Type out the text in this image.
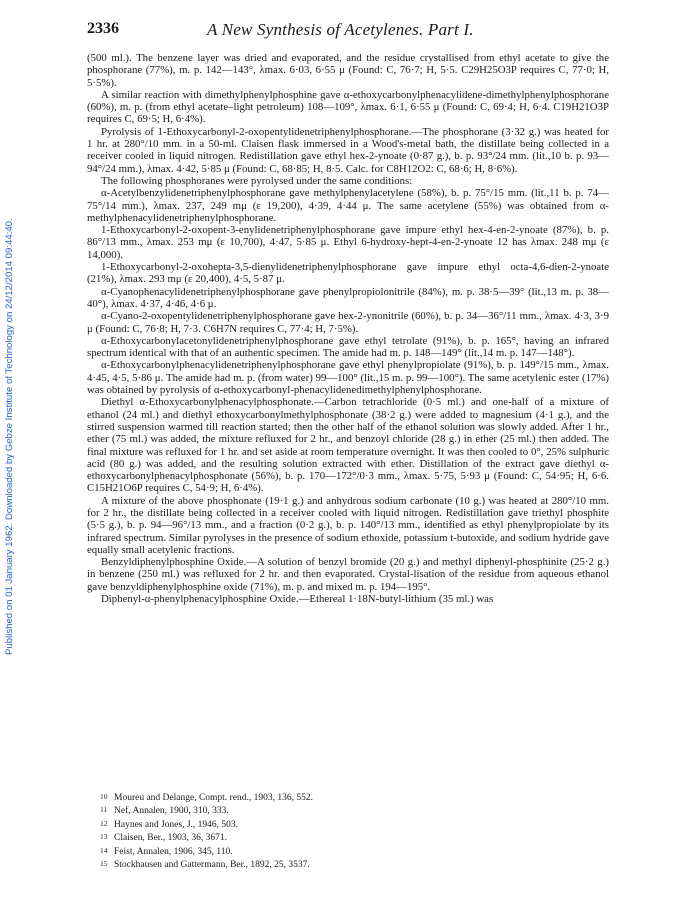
Published on 01 January 1962. Downloaded by Gebze Institute of Technology on 24/12/2014 09:44:40.
2336	A New Synthesis of Acetylenes. Part I.

(500 ml.). The benzene layer was dried and evaporated, and the residue crystallised from ethyl acetate to give the phosphorane (77%), m. p. 142—143°, λmax. 6·03, 6·55 μ (Found: C, 76·7; H, 5·5. C29H25O3P requires C, 77·0; H, 5·5%).

A similar reaction with dimethylphenylphosphine gave α-ethoxycarbonylphenacylidene-dimethylphenylphosphorane (60%), m. p. (from ethyl acetate–light petroleum) 108—109°, λmax. 6·1, 6·55 μ (Found: C, 69·4; H, 6·4. C19H21O3P requires C, 69·5; H, 6·4%).

Pyrolysis of 1-Ethoxycarbonyl-2-oxopentylidenetriphenylphosphorane.—The phosphorane (3·32 g.) was heated for 1 hr. at 280°/10 mm. in a 50-ml. Claisen flask immersed in a Wood's-metal bath, the distillate being collected in a receiver cooled in liquid nitrogen. Redistillation gave ethyl hex-2-ynoate (0·87 g.), b. p. 93°/24 mm. (lit.,10 b. p. 93—94°/24 mm.), λmax. 4·42, 5·85 μ (Found: C, 68·85; H, 8·5. Calc. for C8H12O2: C, 68·6; H, 8·6%).

The following phosphoranes were pyrolysed under the same conditions:

α-Acetylbenzylidenetriphenylphosphorane gave methylphenylacetylene (58%), b. p. 75°/15 mm. (lit.,11 b. p. 74—75°/14 mm.), λmax. 237, 249 mμ (ε 19,200), 4·39, 4·44 μ. The same acetylene (55%) was obtained from α-methylphenacylidenetriphenylphosphorane.

1-Ethoxycarbonyl-2-oxopent-3-enylidenetriphenylphosphorane gave impure ethyl hex-4-en-2-ynoate (87%), b. p. 86°/13 mm., λmax. 253 mμ (ε 10,700), 4·47, 5·85 μ. Ethyl 6-hydroxy-hept-4-en-2-ynoate 12 has λmax. 248 mμ (ε 14,000).

1-Ethoxycarbonyl-2-oxohepta-3,5-dienylidenetriphenylphosphorane gave impure ethyl octa-4,6-dien-2-ynoate (21%), λmax. 293 mμ (ε 20,400), 4·5, 5·87 μ.

α-Cyanophenacylidenetriphenylphosphorane gave phenylpropiolonitrile (84%), m. p. 38·5—39° (lit.,13 m. p. 38—40°), λmax. 4·37, 4·46, 4·6 μ.

α-Cyano-2-oxopentylidenetriphenylphosphorane gave hex-2-ynonitrile (60%), b. p. 34—36°/11 mm., λmax. 4·3, 3·9 μ (Found: C, 76·8; H, 7·3. C6H7N requires C, 77·4; H, 7·5%).

α-Ethoxycarbonylacetonylidenetriphenylphosphorane gave ethyl tetrolate (91%), b. p. 165°, having an infrared spectrum identical with that of an authentic specimen. The amide had m. p. 148—149° (lit.,14 m. p. 147—148°).

α-Ethoxycarbonylphenacylidenetriphenylphosphorane gave ethyl phenylpropiolate (91%), b. p. 149°/15 mm., λmax. 4·45, 4·5, 5·86 μ. The amide had m. p. (from water) 99—100° (lit.,15 m. p. 99—100°). The same acetylenic ester (17%) was obtained by pyrolysis of α-ethoxycarbonyl-phenacylidenedimethylphenylphosphorane.

Diethyl α-Ethoxycarbonylphenacylphosphonate.—Carbon tetrachloride (0·5 ml.) and one-half of a mixture of ethanol (24 ml.) and diethyl ethoxycarbonylmethylphosphonate (38·2 g.) were added to magnesium (4·1 g.), and the stirred suspension warmed till reaction started; then the other half of the ethanol solution was slowly added. After 1 hr., ether (75 ml.) was added, the mixture refluxed for 2 hr., and benzoyl chloride (28 g.) in ether (25 ml.) then added. The final mixture was refluxed for 1 hr. and set aside at room temperature overnight. It was then cooled to 0°, 25% sulphuric acid (80 g.) was added, and the resulting solution extracted with ether. Distillation of the extract gave diethyl α-ethoxycarbonylphenacylphosphonate (56%), b. p. 170—172°/0·3 mm., λmax. 5·75, 5·93 μ (Found: C, 54·95; H, 6·6. C15H21O6P requires C, 54·9; H, 6·4%).

A mixture of the above phosphonate (19·1 g.) and anhydrous sodium carbonate (10 g.) was heated at 280°/10 mm. for 2 hr., the distillate being collected in a receiver cooled with liquid nitrogen. Redistillation gave triethyl phosphite (5·5 g.), b. p. 94—96°/13 mm., and a fraction (0·2 g.), b. p. 140°/13 mm., identified as ethyl phenylpropiolate by its infrared spectrum. Similar pyrolyses in the presence of sodium ethoxide, potassium t-butoxide, and sodium hydride gave equally small acetylenic fractions.

Benzyldiphenylphosphine Oxide.—A solution of benzyl bromide (20 g.) and methyl diphenyl-phosphinite (25·2 g.) in benzene (250 ml.) was refluxed for 2 hr. and then evaporated. Crystal-lisation of the residue from aqueous ethanol gave benzyldiphenylphosphine oxide (71%), m. p. and mixed m. p. 194—195°.

Diphenyl-α-phenylphenacylphosphine Oxide.—Ethereal 1·18N-butyl-lithium (35 ml.) was

10 Moureu and Delange, Compt. rend., 1903, 136, 552.
11 Nef, Annalen, 1900, 310, 333.
12 Haynes and Jones, J., 1946, 503.
13 Claisen, Ber., 1903, 36, 3671.
14 Feist, Annalen, 1906, 345, 110.
15 Stockhausen and Gattermann, Ber., 1892, 25, 3537.
